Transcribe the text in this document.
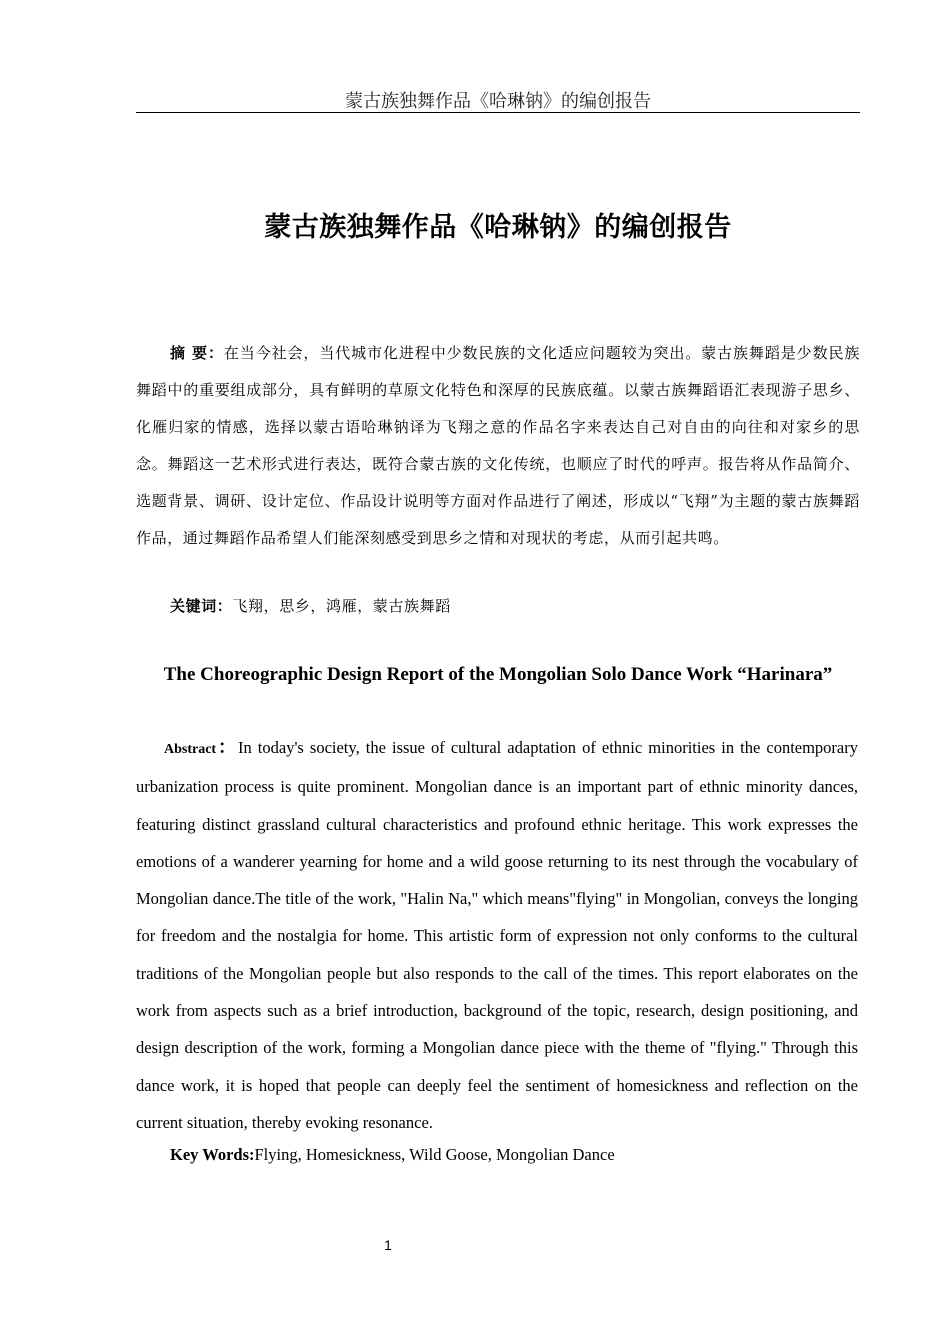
蒙古族独舞作品《哈琳钠》的编创报告
蒙古族独舞作品《哈琳钠》的编创报告

摘 要：在当今社会，当代城市化进程中少数民族的文化适应问题较为突出。蒙古族舞蹈是少数民族舞蹈中的重要组成部分，具有鲜明的草原文化特色和深厚的民族底蕴。以蒙古族舞蹈语汇表现游子思乡、化雁归家的情感，选择以蒙古语哈琳钠译为飞翔之意的作品名字来表达自己对自由的向往和对家乡的思念。舞蹈这一艺术形式进行表达，既符合蒙古族的文化传统，也顺应了时代的呼声。报告将从作品简介、选题背景、调研、设计定位、作品设计说明等方面对作品进行了阐述，形成以“飞翔”为主题的蒙古族舞蹈作品，通过舞蹈作品希望人们能深刻感受到思乡之情和对现状的考虑，从而引起共鸣。

关键词：飞翔，思乡，鸿雁，蒙古族舞蹈

The Choreographic Design Report of the Mongolian Solo Dance Work “Harinara”

Abstract：In today's society, the issue of cultural adaptation of ethnic minorities in the contemporary urbanization process is quite prominent. Mongolian dance is an important part of ethnic minority dances, featuring distinct grassland cultural characteristics and profound ethnic heritage. This work expresses the emotions of a wanderer yearning for home and a wild goose returning to its nest through the vocabulary of Mongolian dance.The title of the work, "Halin Na," which means"flying" in Mongolian, conveys the longing for freedom and the nostalgia for home. This artistic form of expression not only conforms to the cultural traditions of the Mongolian people but also responds to the call of the times. This report elaborates on the work from aspects such as a brief introduction, background of the topic, research, design positioning, and design description of the work, forming a Mongolian dance piece with the theme of "flying." Through this dance work, it is hoped that people can deeply feel the sentiment of homesickness and reflection on the current situation, thereby evoking resonance.

Key Words:Flying, Homesickness, Wild Goose, Mongolian Dance

1
